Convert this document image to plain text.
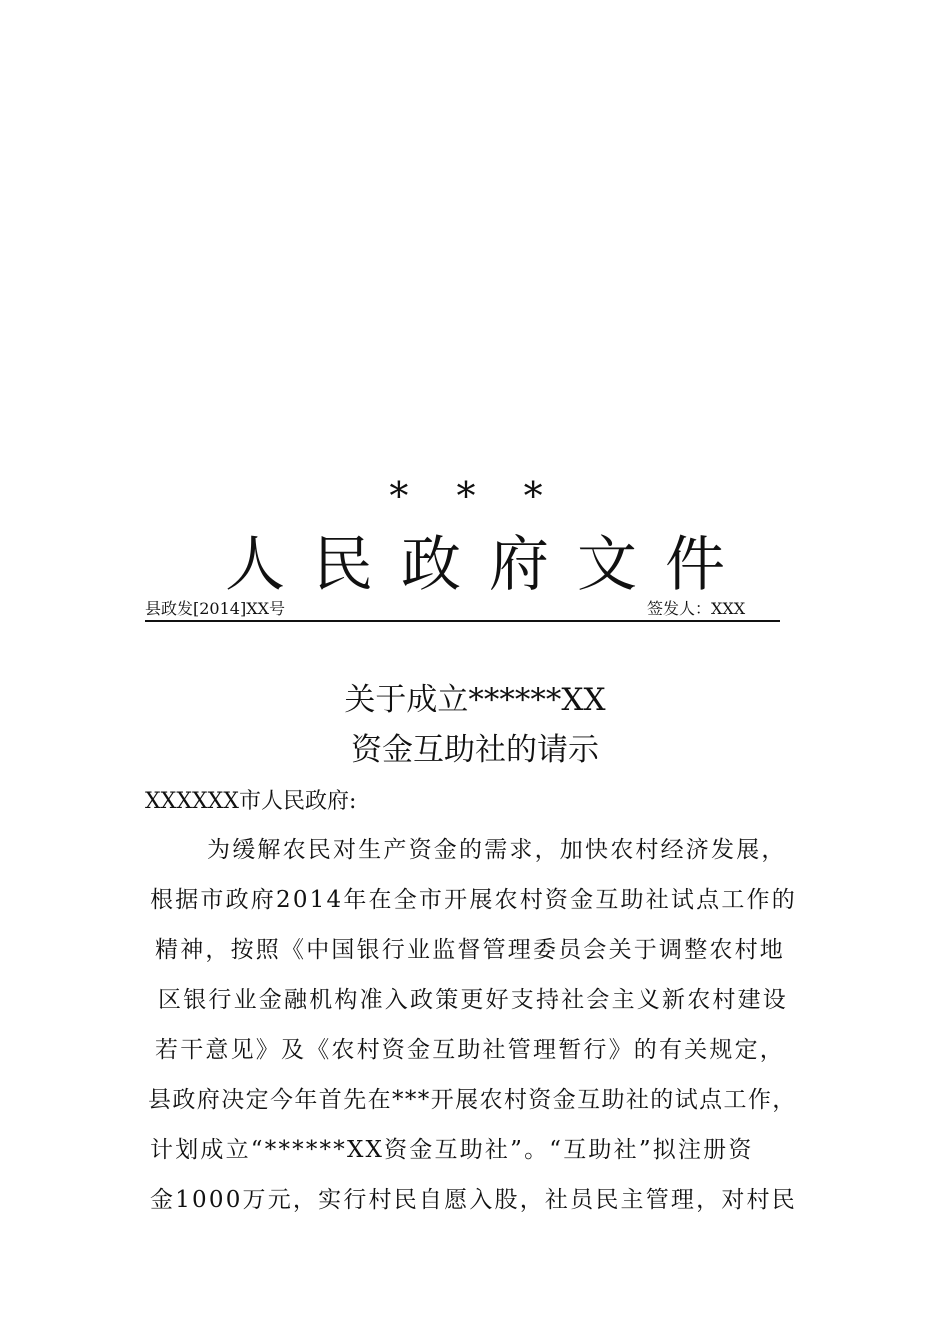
* * *
人民政府文件
县政发[2014]XX号	签发人：XXX
关于成立******XX
资金互助社的请示
XXXXXX市人民政府:
为缓解农民对生产资金的需求，加快农村经济发展，
根据市政府2014年在全市开展农村资金互助社试点工作的
精神，按照《中国银行业监督管理委员会关于调整农村地
区银行业金融机构准入政策更好支持社会主义新农村建设
若干意见》及《农村资金互助社管理暂行》的有关规定，
县政府决定今年首先在***开展农村资金互助社的试点工作，
计划成立“******XX资金互助社”。“互助社”拟注册资
金1000万元，实行村民自愿入股，社员民主管理，对村民
